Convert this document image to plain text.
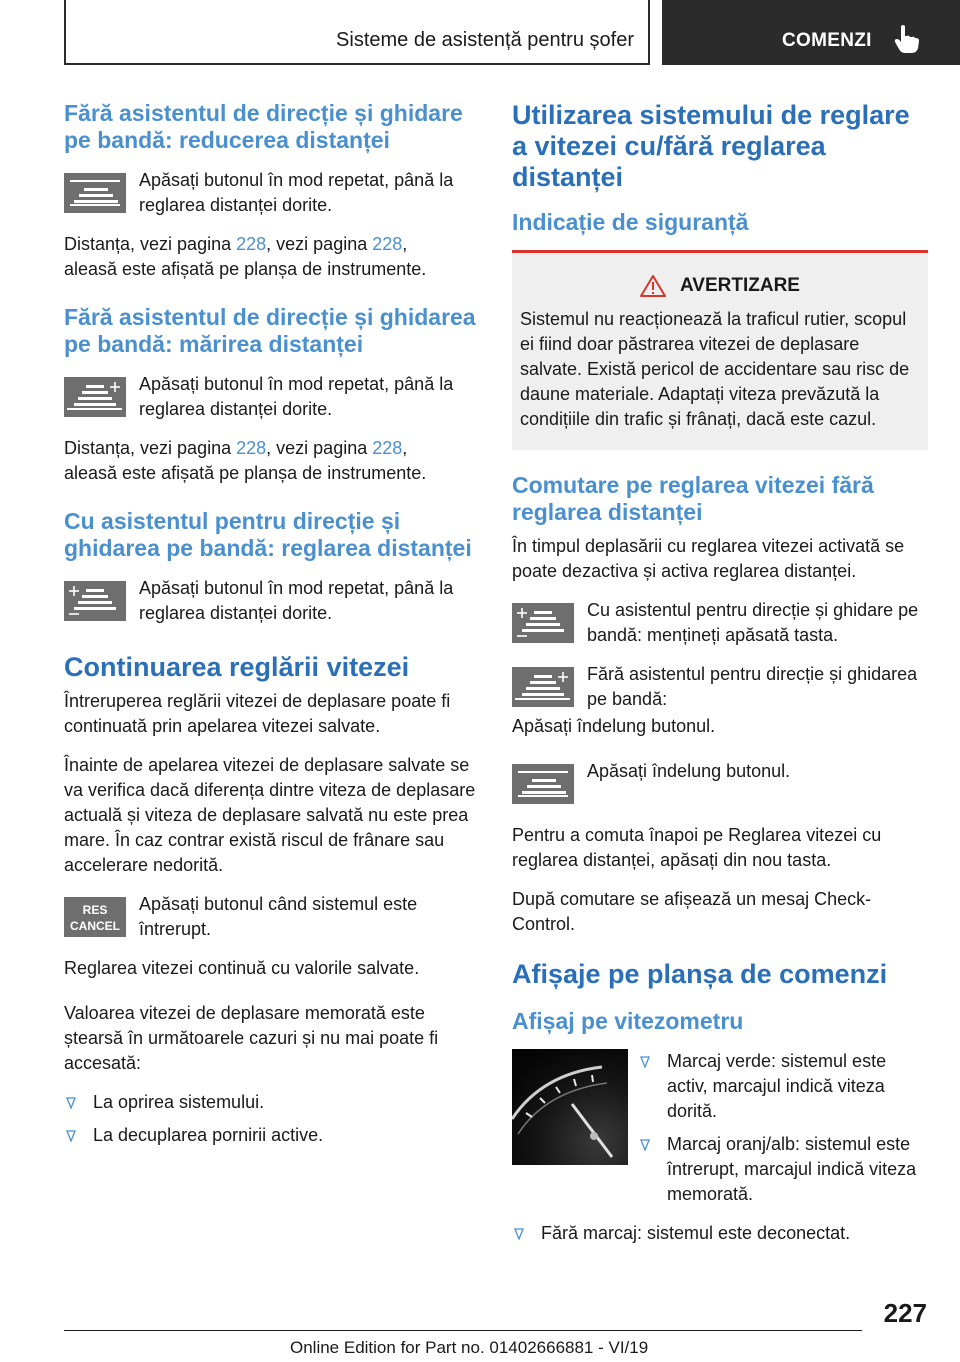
Sisteme de asistență pentru șofer	COMENZI
Fără asistentul de direcție și ghidare pe bandă: reducerea distanței

Apăsați butonul în mod repetat, până la reglarea distanței dorite.

Distanța, vezi pagina 228, vezi pagina 228,
aleasă este afișată pe planșa de instrumente.

Fără asistentul de direcție și ghidarea pe bandă: mărirea distanței

Apăsați butonul în mod repetat, până la reglarea distanței dorite.

Distanța, vezi pagina 228, vezi pagina 228,
aleasă este afișată pe planșa de instrumente.

Cu asistentul pentru direcție și ghidarea pe bandă: reglarea distanței

Apăsați butonul în mod repetat, până la reglarea distanței dorite.

Continuarea reglării vitezei

Întreruperea reglării vitezei de deplasare poate fi continuată prin apelarea vitezei salvate.

Înainte de apelarea vitezei de deplasare salvate se va verifica dacă diferența dintre viteza de deplasare actuală și viteza de deplasare salvată nu este prea mare. În caz contrar există riscul de frânare sau accelerare nedorită.

RES
CANCEL

Apăsați butonul când sistemul este întrerupt.

Reglarea vitezei continuă cu valorile salvate.

Valoarea vitezei de deplasare memorată este ștearsă în următoarele cazuri și nu mai poate fi accesată:

La oprirea sistemului.
La decuplarea pornirii active.
Utilizarea sistemului de reglare a vitezei cu/fără reglarea distanței
Indicație de siguranță
AVERTIZARE

Sistemul nu reacționează la traficul rutier, scopul ei fiind doar păstrarea vitezei de deplasare salvate. Există pericol de accidentare sau risc de daune materiale. Adaptați viteza prevăzută la condițiile din trafic și frânați, dacă este cazul.

Comutare pe reglarea vitezei fără reglarea distanței

În timpul deplasării cu reglarea vitezei activată se poate dezactiva și activa reglarea distanței.

Cu asistentul pentru direcție și ghidare pe bandă: mențineți apăsată tasta.

Fără asistentul pentru direcție și ghidarea pe bandă:

Apăsați îndelung butonul.

Apăsați îndelung butonul.

Pentru a comuta înapoi pe Reglarea vitezei cu reglarea distanței, apăsați din nou tasta.

După comutare se afișează un mesaj Check-Control.

Afișaje pe planșa de comenzi
Afișaj pe vitezometru
Marcaj verde: sistemul este activ, marcajul indică viteza dorită.
Marcaj oranj/alb: sistemul este întrerupt, marcajul indică viteza memorată.
Fără marcaj: sistemul este deconectat.
227
Online Edition for Part no. 01402666881 - VI/19
